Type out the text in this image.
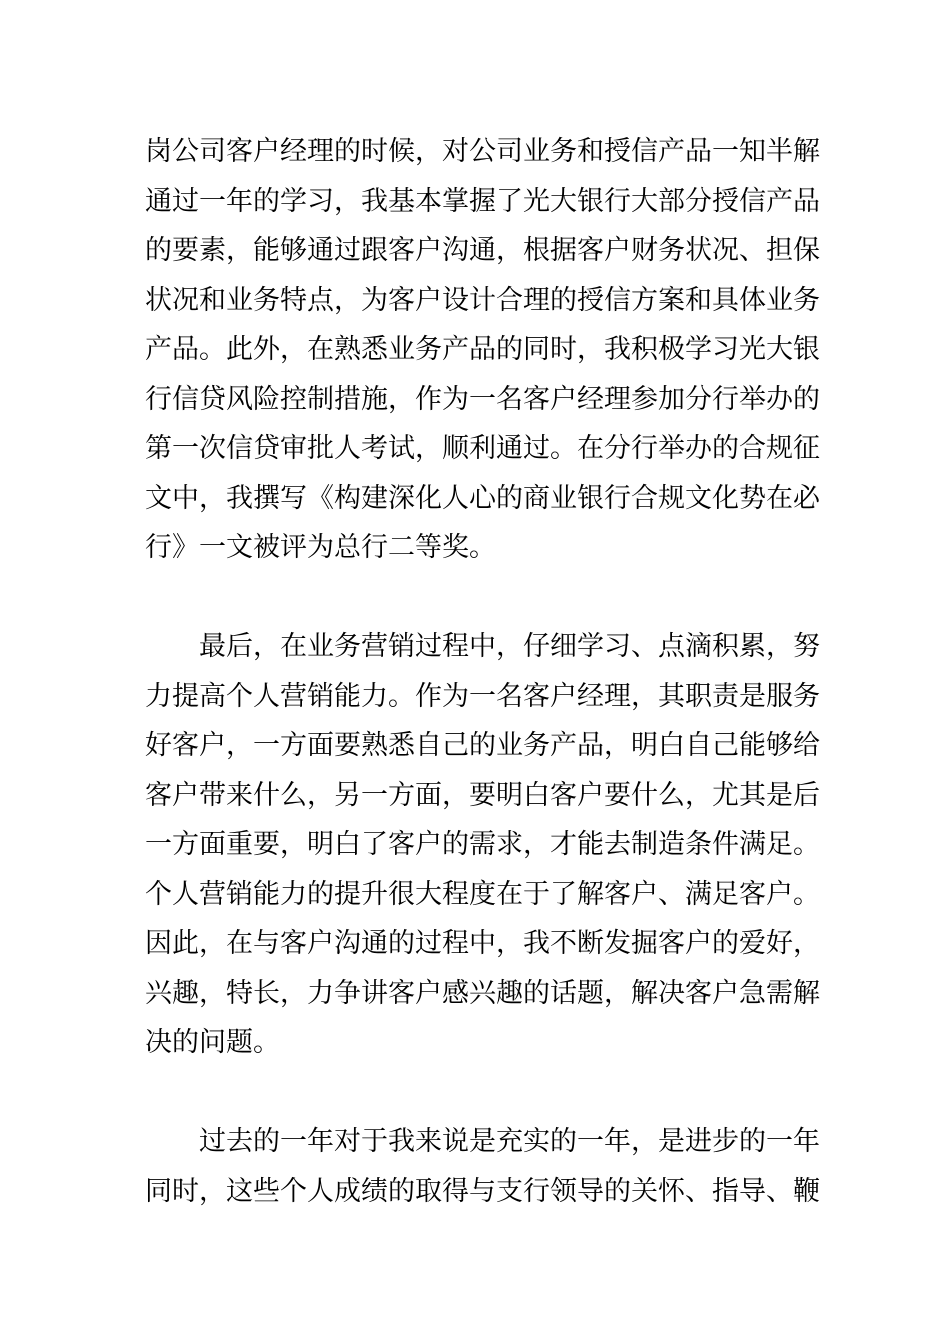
岗公司客户经理的时候，对公司业务和授信产品一知半解
通过一年的学习，我基本掌握了光大银行大部分授信产品
的要素，能够通过跟客户沟通，根据客户财务状况、担保
状况和业务特点，为客户设计合理的授信方案和具体业务
产品。此外，在熟悉业务产品的同时，我积极学习光大银
行信贷风险控制措施，作为一名客户经理参加分行举办的
第一次信贷审批人考试，顺利通过。在分行举办的合规征
文中，我撰写《构建深化人心的商业银行合规文化势在必
行》一文被评为总行二等奖。
最后，在业务营销过程中，仔细学习、点滴积累，努
力提高个人营销能力。作为一名客户经理，其职责是服务
好客户，一方面要熟悉自己的业务产品，明白自己能够给
客户带来什么，另一方面，要明白客户要什么，尤其是后
一方面重要，明白了客户的需求，才能去制造条件满足。
个人营销能力的提升很大程度在于了解客户、满足客户。
因此，在与客户沟通的过程中，我不断发掘客户的爱好，
兴趣，特长，力争讲客户感兴趣的话题，解决客户急需解
决的问题。
过去的一年对于我来说是充实的一年，是进步的一年
同时，这些个人成绩的取得与支行领导的关怀、指导、鞭
